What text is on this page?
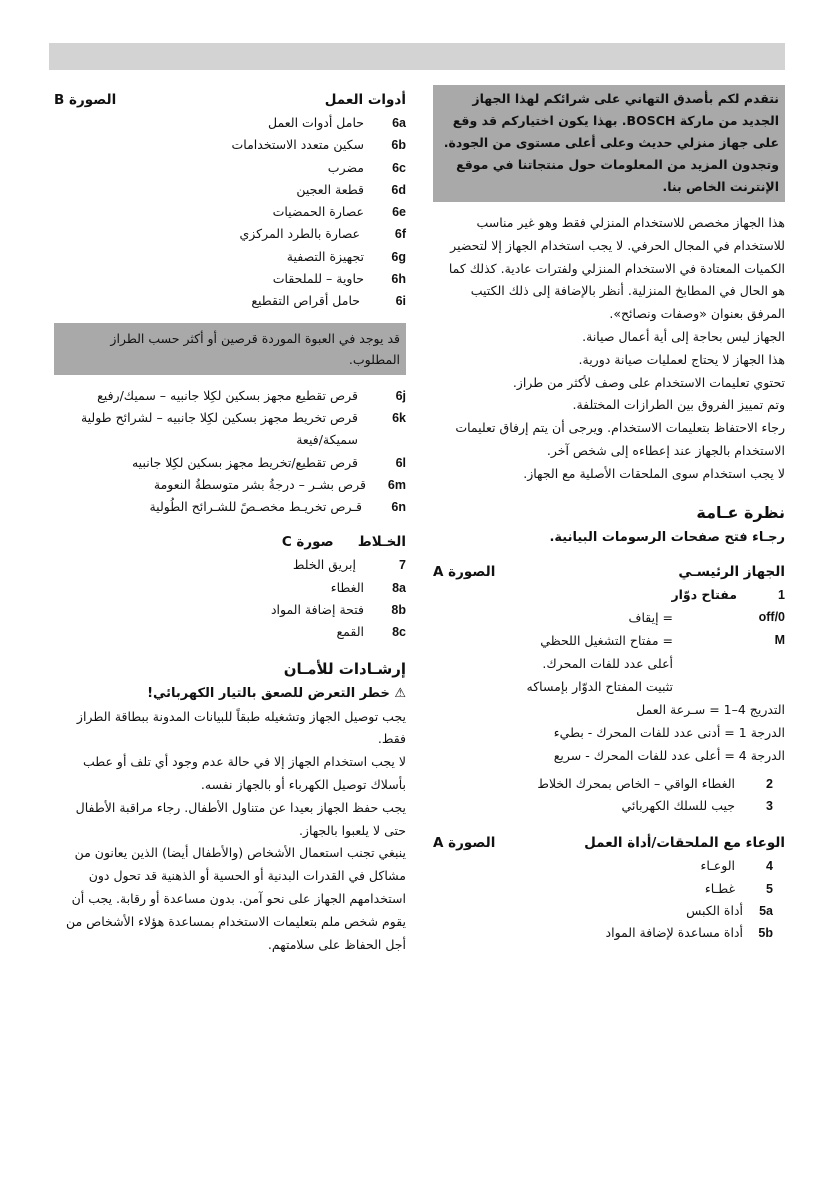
نتقدم لكم بأصدق التهاني على شرائكم لهذا الجهاز الجديد من ماركة BOSCH. بهذا يكون اختياركم قد وقع على جهاز منزلي حديث وعلى أعلى مستوى من الجودة. وتجدون المزيد من المعلومات حول منتجاتنا في موقع الإنترنت الخاص بنا.
هذا الجهاز مخصص للاستخدام المنزلي فقط وهو غير مناسب للاستخدام في المجال الحرفي. لا يجب استخدام الجهاز إلا لتحضير الكميات المعتادة في الاستخدام المنزلي ولفترات عادية. كذلك كما هو الحال في المطابخ المنزلية. أنظر بالإضافة إلى ذلك الكتيب المرفق بعنوان «وصفات ونصائح».
الجهاز ليس بحاجة إلى أية أعمال صيانة.
هذا الجهاز لا يحتاج لعمليات صيانة دورية.
تحتوي تعليمات الاستخدام على وصف لأكثر من طراز.
وتم تمييز الفروق بين الطرازات المختلفة.
رجاء الاحتفاظ بتعليمات الاستخدام. ويرجى أن يتم إرفاق تعليمات الاستخدام بالجهاز عند إعطاءه إلى شخص آخر.
لا يجب استخدام سوى الملحقات الأصلية مع الجهاز.
نظرة عـامة
رجـاء فتح صفحات الرسومات البيانية.
الجهاز الرئيسـي
الصورة A
1
مفتاح دوّار
off/0
= إيقاف
M
= مفتاح التشغيل اللحظي
أعلى عدد للفات المحرك.
تثبيت المفتاح الدوّار بإمساكه
التدريج 4–1 = سـرعة العمل
الدرجة 1 = أدنى عدد للفات المحرك - بطيء
الدرجة 4 = أعلى عدد للفات المحرك - سريع
2
الغطاء الواقي – الخاص بمحرك الخلاط
3
جيب للسلك الكهربائي
الوعاء مع الملحقات/أداة العمل
الصورة A
4
الوعـاء
5
غطـاء
5a
أداة الكبس
5b
أداة مساعدة لإضافة المواد
أدوات العمل
الصورة B
6a
حامل أدوات العمل
6b
سكين متعدد الاستخدامات
6c
مضرب
6d
قطعة العجين
6e
عصارة الحمضيات
6f
عصارة بالطرد المركزي
6g
تجهيزة التصفية
6h
حاوية – للملحقات
6i
حامل أقراص التقطيع
قد يوجد في العبوة الموردة قرصين أو أكثر حسب الطراز المطلوب.
6j
قرص تقطيع مجهز بسكين لكِلا جانبيه – سميك/رفيع
6k
قرص تخريط مجهز بسكين لكِلا جانبيه – لشرائح طولية سميكة/فيعة
6l
قرص تقطيع/تخريط مجهز بسكين لكِلا جانبيه
6m
قرص بشـر – درجةُ بشر متوسطةُ النعومة
6n
قـرص تخريـط مخصـصً للشـرائح الطُولية
الخـلاط
صورة C
7
إبريق الخلط
8a
الغطاء
8b
فتحة إضافة المواد
8c
القمع
إرشـادات للأمـان
⚠ خطر التعرض للصعق بالتيار الكهربائي!
يجب توصيل الجهاز وتشغيله طبقاً للبيانات المدونة ببطاقة الطراز فقط.
لا يجب استخدام الجهاز إلا في حالة عدم وجود أي تلف أو عطب بأسلاك توصيل الكهرباء أو بالجهاز نفسه.
يجب حفظ الجهاز بعيدا عن متناول الأطفال. رجاء مراقبة الأطفال حتى لا يلعبوا بالجهاز.
ينبغي تجنب استعمال الأشخاص (والأطفال أيضا) الذين يعانون من مشاكل في القدرات البدنية أو الحسية أو الذهنية قد تحول دون استخدامهم الجهاز على نحو آمن. بدون مساعدة أو رقابة. يجب أن يقوم شخص ملم بتعليمات الاستخدام بمساعدة هؤلاء الأشخاص من أجل الحفاظ على سلامتهم.
